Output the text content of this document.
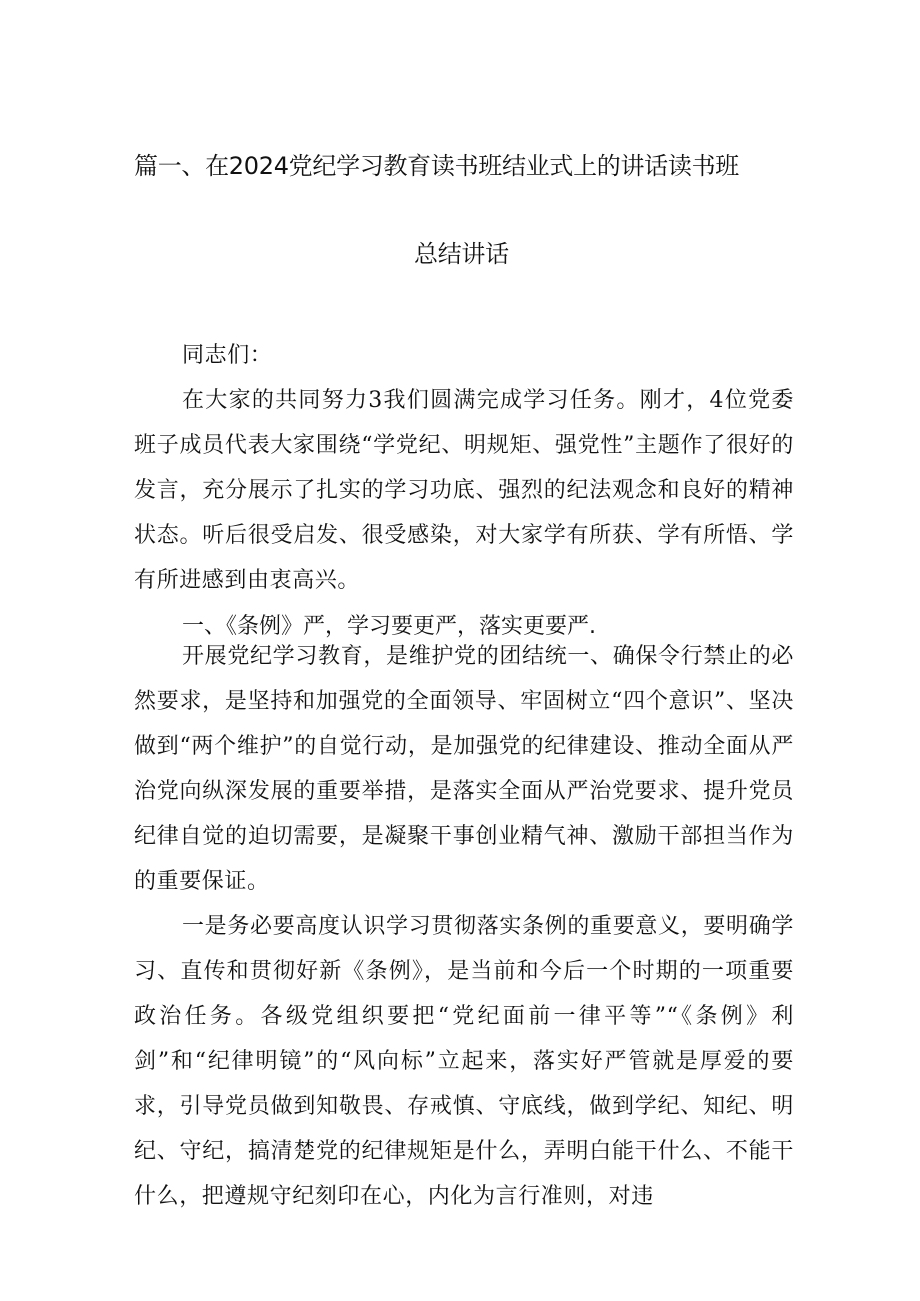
篇一、在2024党纪学习教育读书班结业式上的讲话读书班
总结讲话

同志们：

在大家的共同努力3我们圆满完成学习任务。刚才，4位党委班子成员代表大家围绕“学党纪、明规矩、强党性”主题作了很好的发言，充分展示了扎实的学习功底、强烈的纪法观念和良好的精神状态。听后很受启发、很受感染，对大家学有所获、学有所悟、学有所进感到由衷高兴。

一、《条例》严，学习要更严，落实更要严.

开展党纪学习教育，是维护党的团结统一、确保令行禁止的必然要求，是坚持和加强党的全面领导、牢固树立“四个意识”、坚决做到“两个维护”的自觉行动，是加强党的纪律建设、推动全面从严治党向纵深发展的重要举措，是落实全面从严治党要求、提升党员纪律自觉的迫切需要，是凝聚干事创业精气神、激励干部担当作为的重要保证。

一是务必要高度认识学习贯彻落实条例的重要意义，要明确学习、直传和贯彻好新《条例》，是当前和今后一个时期的一项重要政治任务。各级党组织要把“党纪面前一律平等”“《条例》利剑”和“纪律明镜”的“风向标”立起来，落实好严管就是厚爱的要求，引导党员做到知敬畏、存戒慎、守底线，做到学纪、知纪、明纪、守纪，搞清楚党的纪律规矩是什么，弄明白能干什么、不能干什么，把遵规守纪刻印在心，内化为言行准则，对违
